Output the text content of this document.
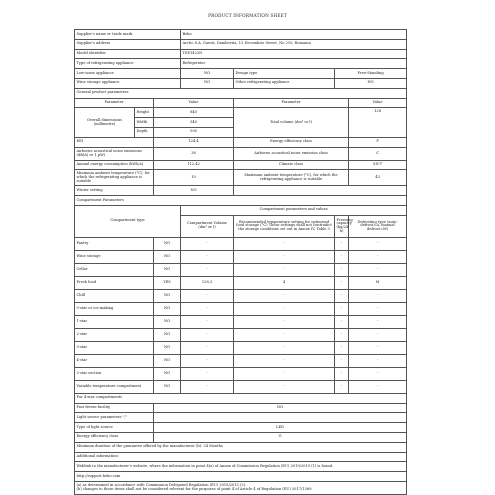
PRODUCT INFORMATION SHEET
Supplier's name or trade mark			Beko			
Supplier's address			Arctic S.A. Gaesti, Dambovita, 13 Decembrie Street, No 210, Romania			
Model identifier			TSE1423N			
Type of refrigerating appliance			Refrigerator			
Low-noise appliance			NO	Design type	Free-Standing	
Wine storage appliance			NO	Other refrigerating appliance	NO	
General product parameters						
Parameter		Value		Parameter		Value
Overall dimensions (millimetre)	Height	840		Total volume (dm³ or l)		128
	Width	540				
	Depth	590				
EEI		124,4		Energy efficiency class		F
Airborne acoustical noise emissions (dB(A) re 1 pW)		38		Airborne acoustical noise emission class		C
Annual energy consumption (kWh/a)		112,42		Climate class		SN-T
Minimum ambient temperature (°C), for which the refrigerating appliance is suitable		10		Maximum ambient temperature (°C), for which the refrigerating appliance is suitable		43
Winter setting		NO				
Compartment Parameters						
Compartment type			Compartment parameters and values			
			Compartment Volume (dm³ or l)	Recommended temperature setting for optimised food storage (°C) These settings shall not contradict the storage conditions set out in Annex IV, Table 3	Freezing capacity (kg/24 h)	Defrosting type (auto-defrost=A, manual defrost=M)
Pantry		NO	-	-	-	-
Wine storage		NO	-	-	-	-
Cellar		NO	-	-	-	-
Fresh food		YES	128,3	4	-	M
Chill		NO	-	-	-	-
0-star or ice-making		NO	-	-	-	-
1-star		NO	-	-	-	-
2-star		NO	-	-	-	-
3-star		NO	-	-	-	-
4-star		NO	-	-	-	-
2-star section		NO	-	-	-	-
Variable temperature compartment		NO	-	-	-	-
For 4-star compartments						
Fast freeze facility		NO				
Light source parameters ᵃ,ᵇ						
Type of light source		LED				
Energy efficiency class		G				
Minimum duration of the guarantee offered by the manufacturer (b): 24 Months						
Additional information:						
Weblink to the manufacturer's website, where the information in point 4(a) of Annex of Commission Regulation (EU) 2019/2019 (1) is found:						
http://support.beko.com						

(a) as determined in accordance with Commission Delegated Regulation (EU) 2019/2015 (2).
(b) changes to these items shall not be considered relevant for the purposes of point 4 of Article 4 of Regulation (EU) 2017/1369.						
